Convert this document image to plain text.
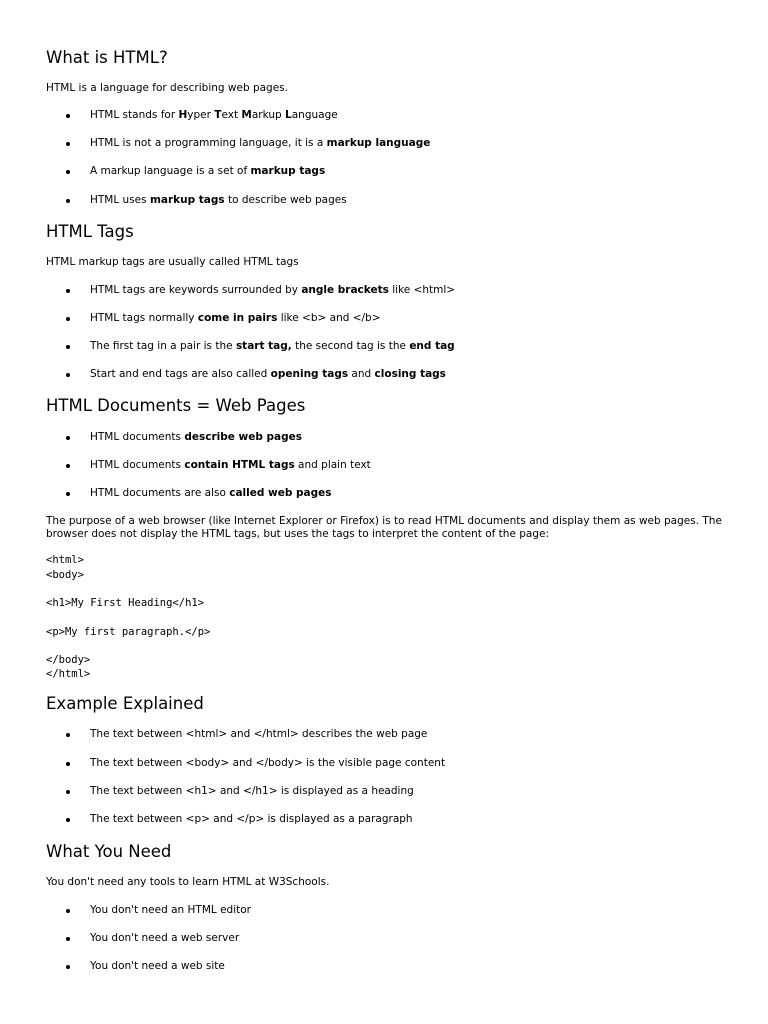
What is HTML?

HTML is a language for describing web pages.

HTML stands for Hyper Text Markup Language
HTML is not a programming language, it is a markup language
A markup language is a set of markup tags
HTML uses markup tags to describe web pages
HTML Tags

HTML markup tags are usually called HTML tags

HTML tags are keywords surrounded by angle brackets like <html>
HTML tags normally come in pairs like <b> and </b>
The first tag in a pair is the start tag, the second tag is the end tag
Start and end tags are also called opening tags and closing tags
HTML Documents = Web Pages
HTML documents describe web pages
HTML documents contain HTML tags and plain text
HTML documents are also called web pages

The purpose of a web browser (like Internet Explorer or Firefox) is to read HTML documents and display them as web pages. The browser does not display the HTML tags, but uses the tags to interpret the content of the page:

<html>
<body>
<h1>My First Heading</h1>
<p>My first paragraph.</p>
</body>
</html>
Example Explained
The text between <html> and </html> describes the web page
The text between <body> and </body> is the visible page content
The text between <h1> and </h1> is displayed as a heading
The text between <p> and </p> is displayed as a paragraph
What You Need

You don't need any tools to learn HTML at W3Schools.

You don't need an HTML editor
You don't need a web server
You don't need a web site
